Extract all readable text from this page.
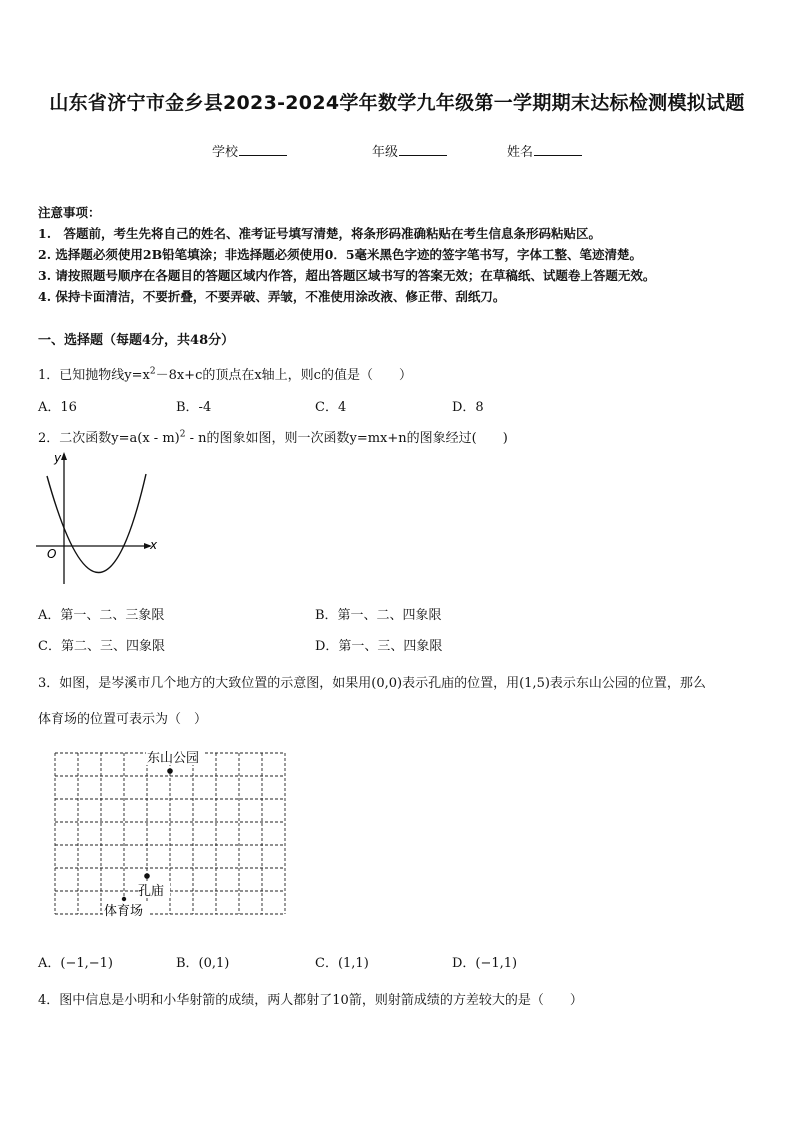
山东省济宁市金乡县2023-2024学年数学九年级第一学期期末达标检测模拟试题
学校	年级	姓名
注意事项：
1.　答题前，考生先将自己的姓名、准考证号填写清楚，将条形码准确粘贴在考生信息条形码粘贴区。
2. 选择题必须使用2B铅笔填涂；非选择题必须使用0．5毫米黑色字迹的签字笔书写，字体工整、笔迹清楚。
3. 请按照题号顺序在各题目的答题区域内作答，超出答题区域书写的答案无效；在草稿纸、试题卷上答题无效。
4. 保持卡面清洁，不要折叠，不要弄破、弄皱，不准使用涂改液、修正带、刮纸刀。
一、选择题（每题4分，共48分）
1．已知抛物线$y=x^2-8x+c$的顶点在x轴上，则c的值是（　　）
A．16	B．-4	C．4	D．8
2．二次函数y=a(x - m)$^2$ - n的图象如图，则一次函数y=mx+n的图象经过(　　)
y
x
O
A．第一、二、三象限	B．第一、二、四象限
C．第二、三、四象限	D．第一、三、四象限
3．如图，是岑溪市几个地方的大致位置的示意图，如果用(0,0)表示孔庙的位置，用(1,5)表示东山公园的位置，那么
体育场的位置可表示为（　）
东山公园
孔庙
体育场
A．(−1,−1)	B．(0,1)	C．(1,1)	D．(−1,1)
4．图中信息是小明和小华射箭的成绩，两人都射了10箭，则射箭成绩的方差较大的是（　　）
